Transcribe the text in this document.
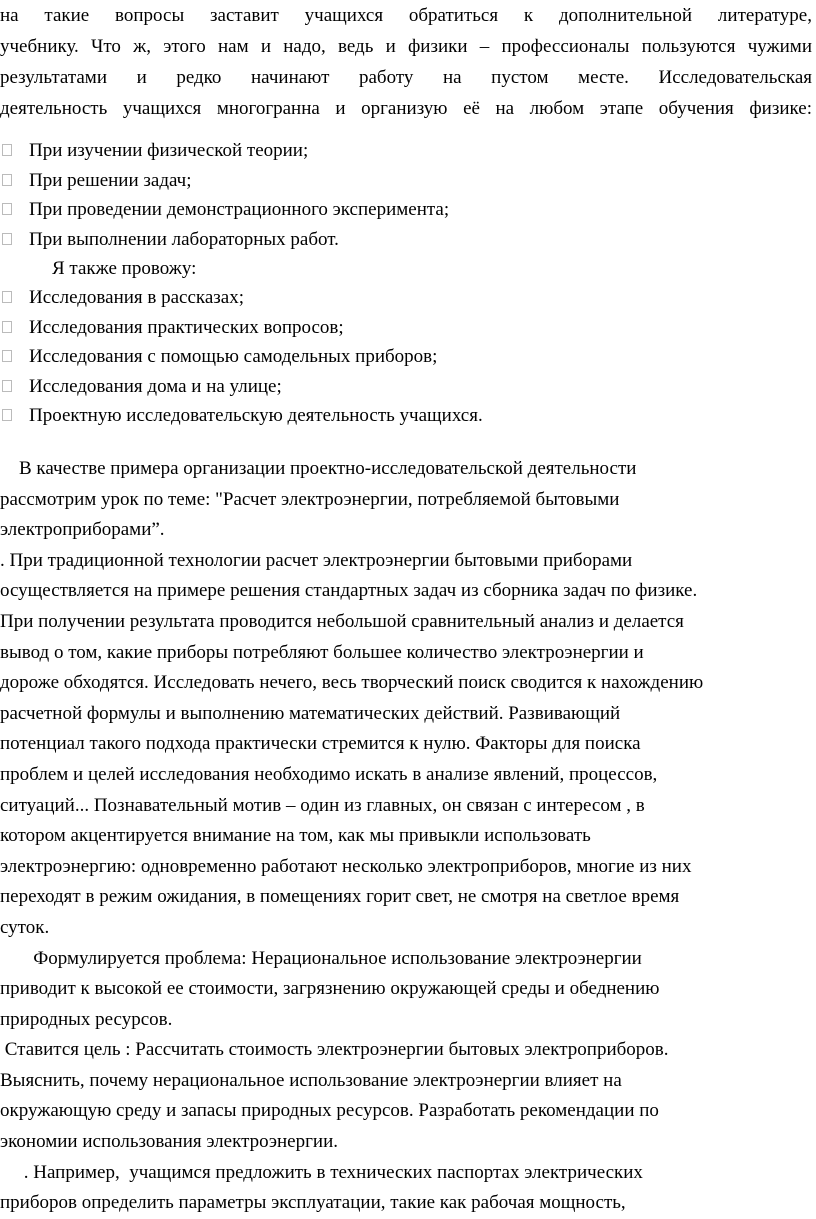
на такие вопросы заставит учащихся обратиться к дополнительной литературе,
учебнику. Что ж, этого нам и надо, ведь и физики – профессионалы пользуются чужими
результатами и редко начинают работу на пустом месте. Исследовательская
деятельность учащихся многогранна и организую её на любом этапе обучения физике:
При изучении физической теории;
При решении задач;
При проведении демонстрационного эксперимента;
При выполнении лабораторных работ.
Я также провожу:
Исследования в рассказах;
Исследования практических вопросов;
Исследования с помощью самодельных приборов;
Исследования дома и на улице;
Проектную исследовательскую деятельность учащихся.
В качестве примера организации проектно-исследовательской деятельности
рассмотрим урок по теме: "Расчет электроэнергии, потребляемой бытовыми
электроприборами”.
. При традиционной технологии расчет электроэнергии бытовыми приборами
осуществляется на примере решения стандартных задач из сборника задач по физике.
При получении результата проводится небольшой сравнительный анализ и делается
вывод о том, какие приборы потребляют большее количество электроэнергии и
дороже обходятся. Исследовать нечего, весь творческий поиск сводится к нахождению
расчетной формулы и выполнению математических действий. Развивающий
потенциал такого подхода практически стремится к нулю. Факторы для поиска
проблем и целей исследования необходимо искать в анализе явлений, процессов,
ситуаций... Познавательный мотив – один из главных, он связан с интересом , в
котором акцентируется внимание на том, как мы привыкли использовать
электроэнергию: одновременно работают несколько электроприборов, многие из них
переходят в режим ожидания, в помещениях горит свет, не смотря на светлое время
суток.
Формулируется проблема: Нерациональное использование электроэнергии
приводит к высокой ее стоимости, загрязнению окружающей среды и обеднению
природных ресурсов.
Ставится цель : Рассчитать стоимость электроэнергии бытовых электроприборов.
Выяснить, почему нерациональное использование электроэнергии влияет на
окружающую среду и запасы природных ресурсов. Разработать рекомендации по
экономии использования электроэнергии.
. Например,  учащимся предложить в технических паспортах электрических
приборов определить параметры эксплуатации, такие как рабочая мощность,
